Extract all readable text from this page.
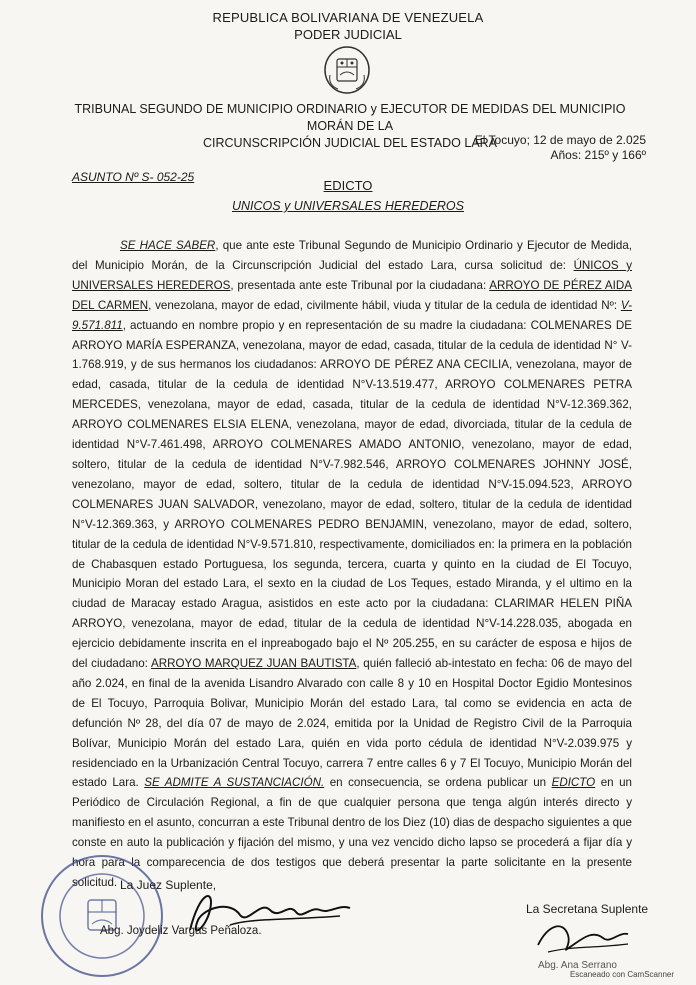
REPUBLICA BOLIVARIANA DE VENEZUELA
PODER JUDICIAL
TRIBUNAL SEGUNDO DE MUNICIPIO ORDINARIO y EJECUTOR DE MEDIDAS DEL MUNICIPIO MORÁN DE LA
CIRCUNSCRIPCIÓN JUDICIAL DEL ESTADO LARA
El Tocuyo; 12 de mayo de 2.025
Años: 215º y 166º
ASUNTO Nº S- 052-25
EDICTO
UNICOS y UNIVERSALES HEREDEROS

SE HACE SABER, que ante este Tribunal Segundo de Municipio Ordinario y Ejecutor de Medida, del Municipio Morán, de la Circunscripción Judicial del estado Lara, cursa solicitud de: ÚNICOS y UNIVERSALES HEREDEROS, presentada ante este Tribunal por la ciudadana: ARROYO DE PÉREZ AIDA DEL CARMEN, venezolana, mayor de edad, civilmente hábil, viuda y titular de la cedula de identidad Nº: V-9.571.811, actuando en nombre propio y en representación de su madre la ciudadana: COLMENARES DE ARROYO MARÍA ESPERANZA, venezolana, mayor de edad, casada, titular de la cedula de identidad N° V-1.768.919, y de sus hermanos los ciudadanos: ARROYO DE PÉREZ ANA CECILIA, venezolana, mayor de edad, casada, titular de la cedula de identidad N°V-13.519.477, ARROYO COLMENARES PETRA MERCEDES, venezolana, mayor de edad, casada, titular de la cedula de identidad N°V-12.369.362, ARROYO COLMENARES ELSIA ELENA, venezolana, mayor de edad, divorciada, titular de la cedula de identidad N°V-7.461.498, ARROYO COLMENARES AMADO ANTONIO, venezolano, mayor de edad, soltero, titular de la cedula de identidad N°V-7.982.546, ARROYO COLMENARES JOHNNY JOSÉ, venezolano, mayor de edad, soltero, titular de la cedula de identidad N°V-15.094.523, ARROYO COLMENARES JUAN SALVADOR, venezolano, mayor de edad, soltero, titular de la cedula de identidad N°V-12.369.363, y ARROYO COLMENARES PEDRO BENJAMIN, venezolano, mayor de edad, soltero, titular de la cedula de identidad N°V-9.571.810, respectivamente, domiciliados en: la primera en la población de Chabasquen estado Portuguesa, los segunda, tercera, cuarta y quinto en la ciudad de El Tocuyo, Municipio Moran del estado Lara, el sexto en la ciudad de Los Teques, estado Miranda, y el ultimo en la ciudad de Maracay estado Aragua, asistidos en este acto por la ciudadana: CLARIMAR HELEN PIÑA ARROYO, venezolana, mayor de edad, titular de la cedula de identidad N°V-14.228.035, abogada en ejercicio debidamente inscrita en el inpreabogado bajo el Nº 205.255, en su carácter de esposa e hijos de del ciudadano: ARROYO MARQUEZ JUAN BAUTISTA, quién falleció ab-intestato en fecha: 06 de mayo del año 2.024, en final de la avenida Lisandro Alvarado con calle 8 y 10 en Hospital Doctor Egidio Montesinos de El Tocuyo, Parroquia Bolivar, Municipio Morán del estado Lara, tal como se evidencia en acta de defunción Nº 28, del día 07 de mayo de 2.024, emitida por la Unidad de Registro Civil de la Parroquia Bolívar, Municipio Morán del estado Lara, quién en vida porto cédula de identidad N°V-2.039.975 y residenciado en la Urbanización Central Tocuyo, carrera 7 entre calles 6 y 7 El Tocuyo, Municipio Morán del estado Lara. SE ADMITE A SUSTANCIACIÓN. en consecuencia, se ordena publicar un EDICTO en un Periódico de Circulación Regional, a fin de que cualquier persona que tenga algún interés directo y manifiesto en el asunto, concurran a este Tribunal dentro de los Diez (10) dias de despacho siguientes a que conste en auto la publicación y fijación del mismo, y una vez vencido dicho lapso se procederá a fijar día y hora para la comparecencia de dos testigos que deberá presentar la parte solicitante en la presente solicitud. La Juez Suplente,
Abg. Joydeliz Vargas Peñaloza.
La Secretana Suplente
Abg. Ana Serrano
Escaneado con CamScanner
